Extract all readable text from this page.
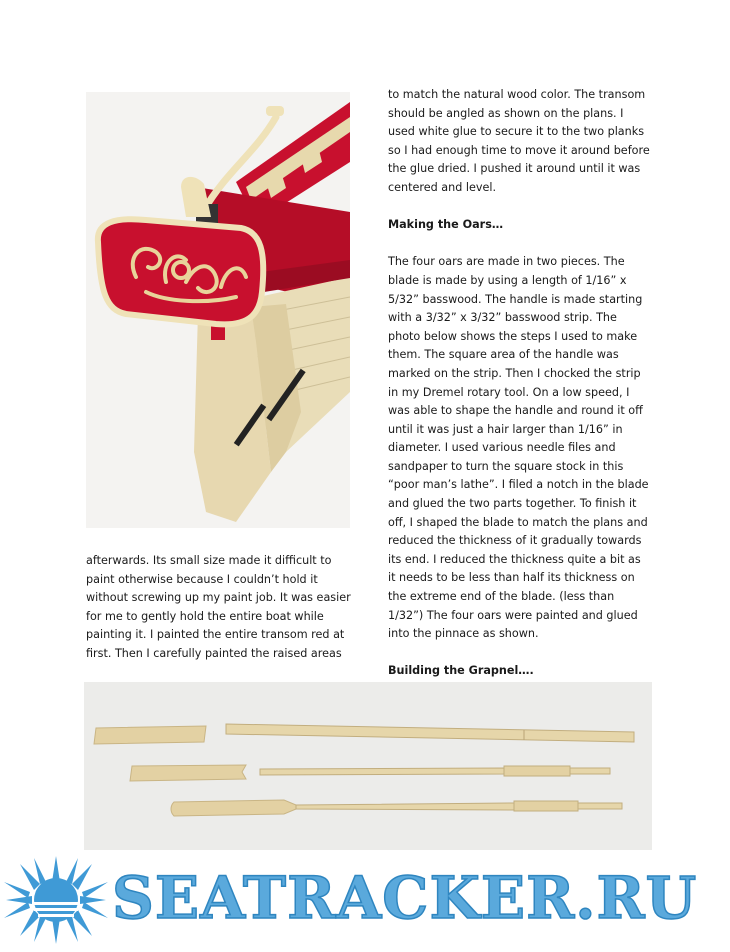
afterwards. Its small size made it difficult to paint otherwise because I couldn’t hold it without screwing up my paint job. It was easier for me to gently hold the entire boat while painting it. I painted the entire transom red at first. Then I carefully painted the raised areas

to match the natural wood color. The transom should be angled as shown on the plans. I used white glue to secure it to the two planks so I had enough time to move it around before the glue dried. I pushed it around until it was centered and level.

Making the Oars…

The four oars are made in two pieces. The blade is made by using a length of 1/16” x 5/32” basswood. The handle is made starting with a 3/32” x 3/32” basswood strip. The photo below shows the steps I used to make them. The square area of the handle was marked on the strip. Then I chocked the strip in my Dremel rotary tool. On a low speed, I was able to shape the handle and round it off until it was just a hair larger than 1/16” in diameter. I used various needle files and sandpaper to turn the square stock in this “poor man’s lathe”. I filed a notch in the blade and glued the two parts together. To finish it off, I shaped the blade to match the plans and reduced the thickness of it gradually towards its end. I reduced the thickness quite a bit as it needs to be less than half its thickness on the extreme end of the blade. (less than 1/32”) The four oars were painted and glued into the pinnace as shown.

Building the Grapnel….

SEATRACKER.RU
